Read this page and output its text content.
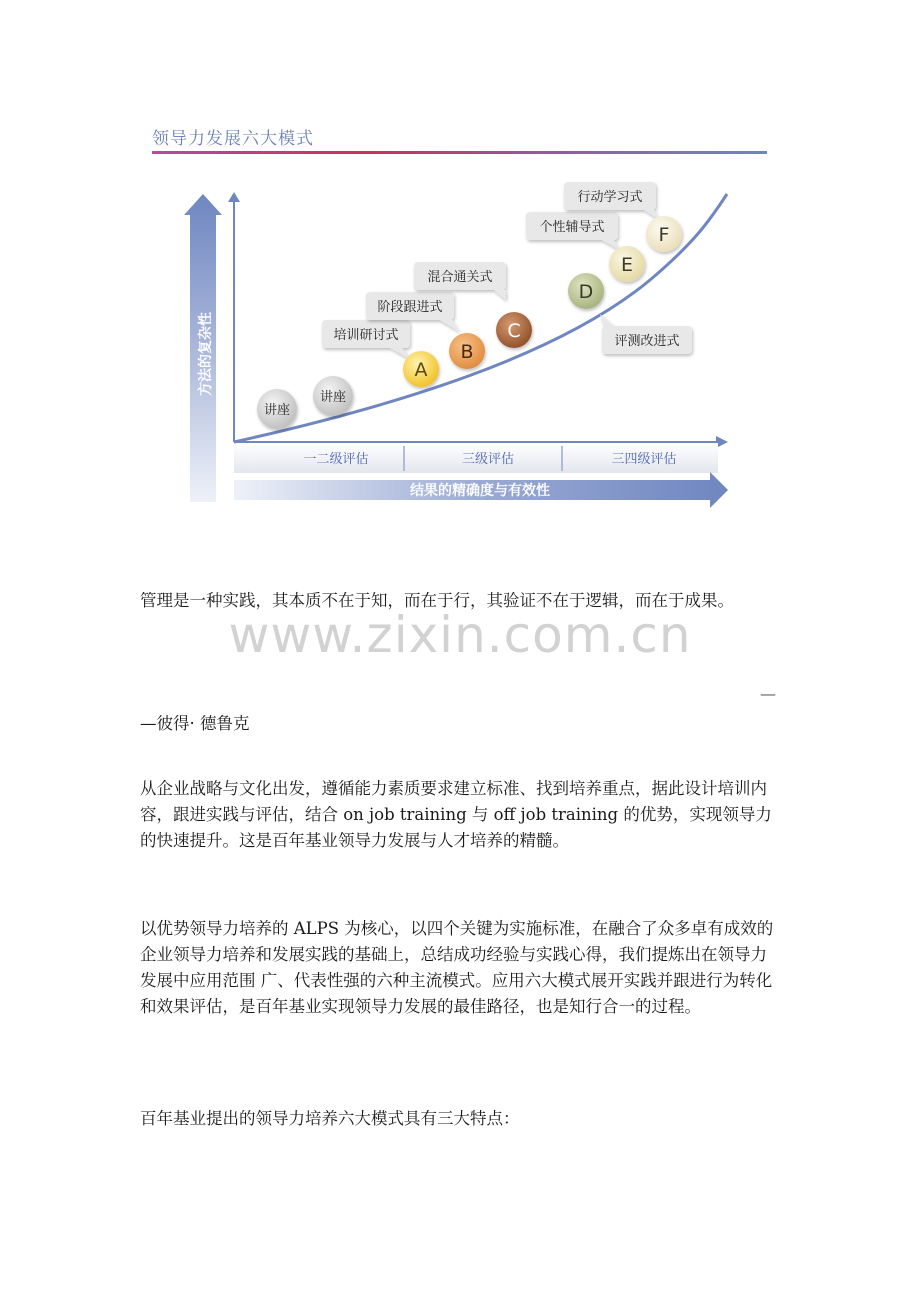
领导力发展六大模式
方法的复杂性
一二级评估	三级评估	三四级评估
结果的精确度与有效性
培训研讨式
阶段跟进式
混合通关式
评测改进式
个性辅导式
行动学习式
讲座
讲座
A
B
C
D
E
F

管理是一种实践，其本质不在于知，而在于行，其验证不在于逻辑，而在于成果。

www.zixin.com.cn
—
—彼得· 德鲁克

从企业战略与文化出发，遵循能力素质要求建立标准、找到培养重点，据此设计培训内容，跟进实践与评估，结合 on job training 与 off job training 的优势，实现领导力的快速提升。这是百年基业领导力发展与人才培养的精髓。

以优势领导力培养的 ALPS 为核心，以四个关键为实施标准，在融合了众多卓有成效的企业领导力培养和发展实践的基础上，总结成功经验与实践心得，我们提炼出在领导力发展中应用范围 广、代表性强的六种主流模式。应用六大模式展开实践并跟进行为转化和效果评估，是百年基业实现领导力发展的最佳路径，也是知行合一的过程。

百年基业提出的领导力培养六大模式具有三大特点：
